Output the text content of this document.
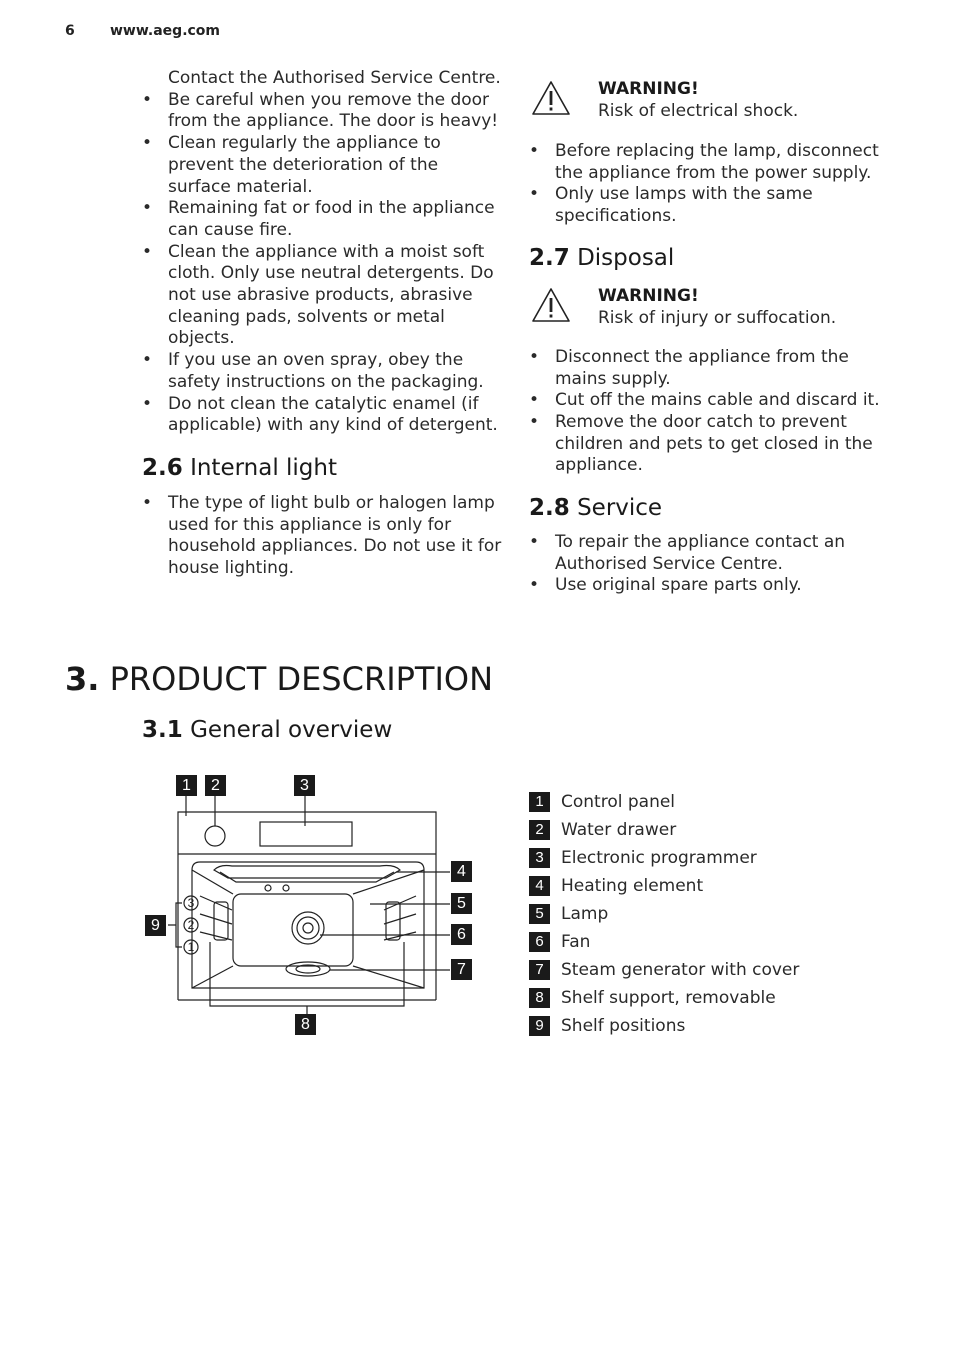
6	www.aeg.com
Contact the Authorised Service Centre.
• Be careful when you remove the door from the appliance. The door is heavy!
• Clean regularly the appliance to prevent the deterioration of the surface material.
• Remaining fat or food in the appliance can cause fire.
• Clean the appliance with a moist soft cloth. Only use neutral detergents. Do not use abrasive products, abrasive cleaning pads, solvents or metal objects.
• If you use an oven spray, obey the safety instructions on the packaging.
• Do not clean the catalytic enamel (if applicable) with any kind of detergent.
2.6 Internal light
• The type of light bulb or halogen lamp used for this appliance is only for household appliances. Do not use it for house lighting.
WARNING!
Risk of electrical shock.
• Before replacing the lamp, disconnect the appliance from the power supply.
• Only use lamps with the same specifications.
2.7 Disposal
WARNING!
Risk of injury or suffocation.
• Disconnect the appliance from the mains supply.
• Cut off the mains cable and discard it.
• Remove the door catch to prevent children and pets to get closed in the appliance.
2.8 Service
• To repair the appliance contact an Authorised Service Centre.
• Use original spare parts only.
3. PRODUCT DESCRIPTION
3.1 General overview
3
2
1
1	2	3
4
5
6
7
8
9
1	Control panel
2	Water drawer
3	Electronic programmer
4	Heating element
5	Lamp
6	Fan
7	Steam generator with cover
8	Shelf support, removable
9	Shelf positions
